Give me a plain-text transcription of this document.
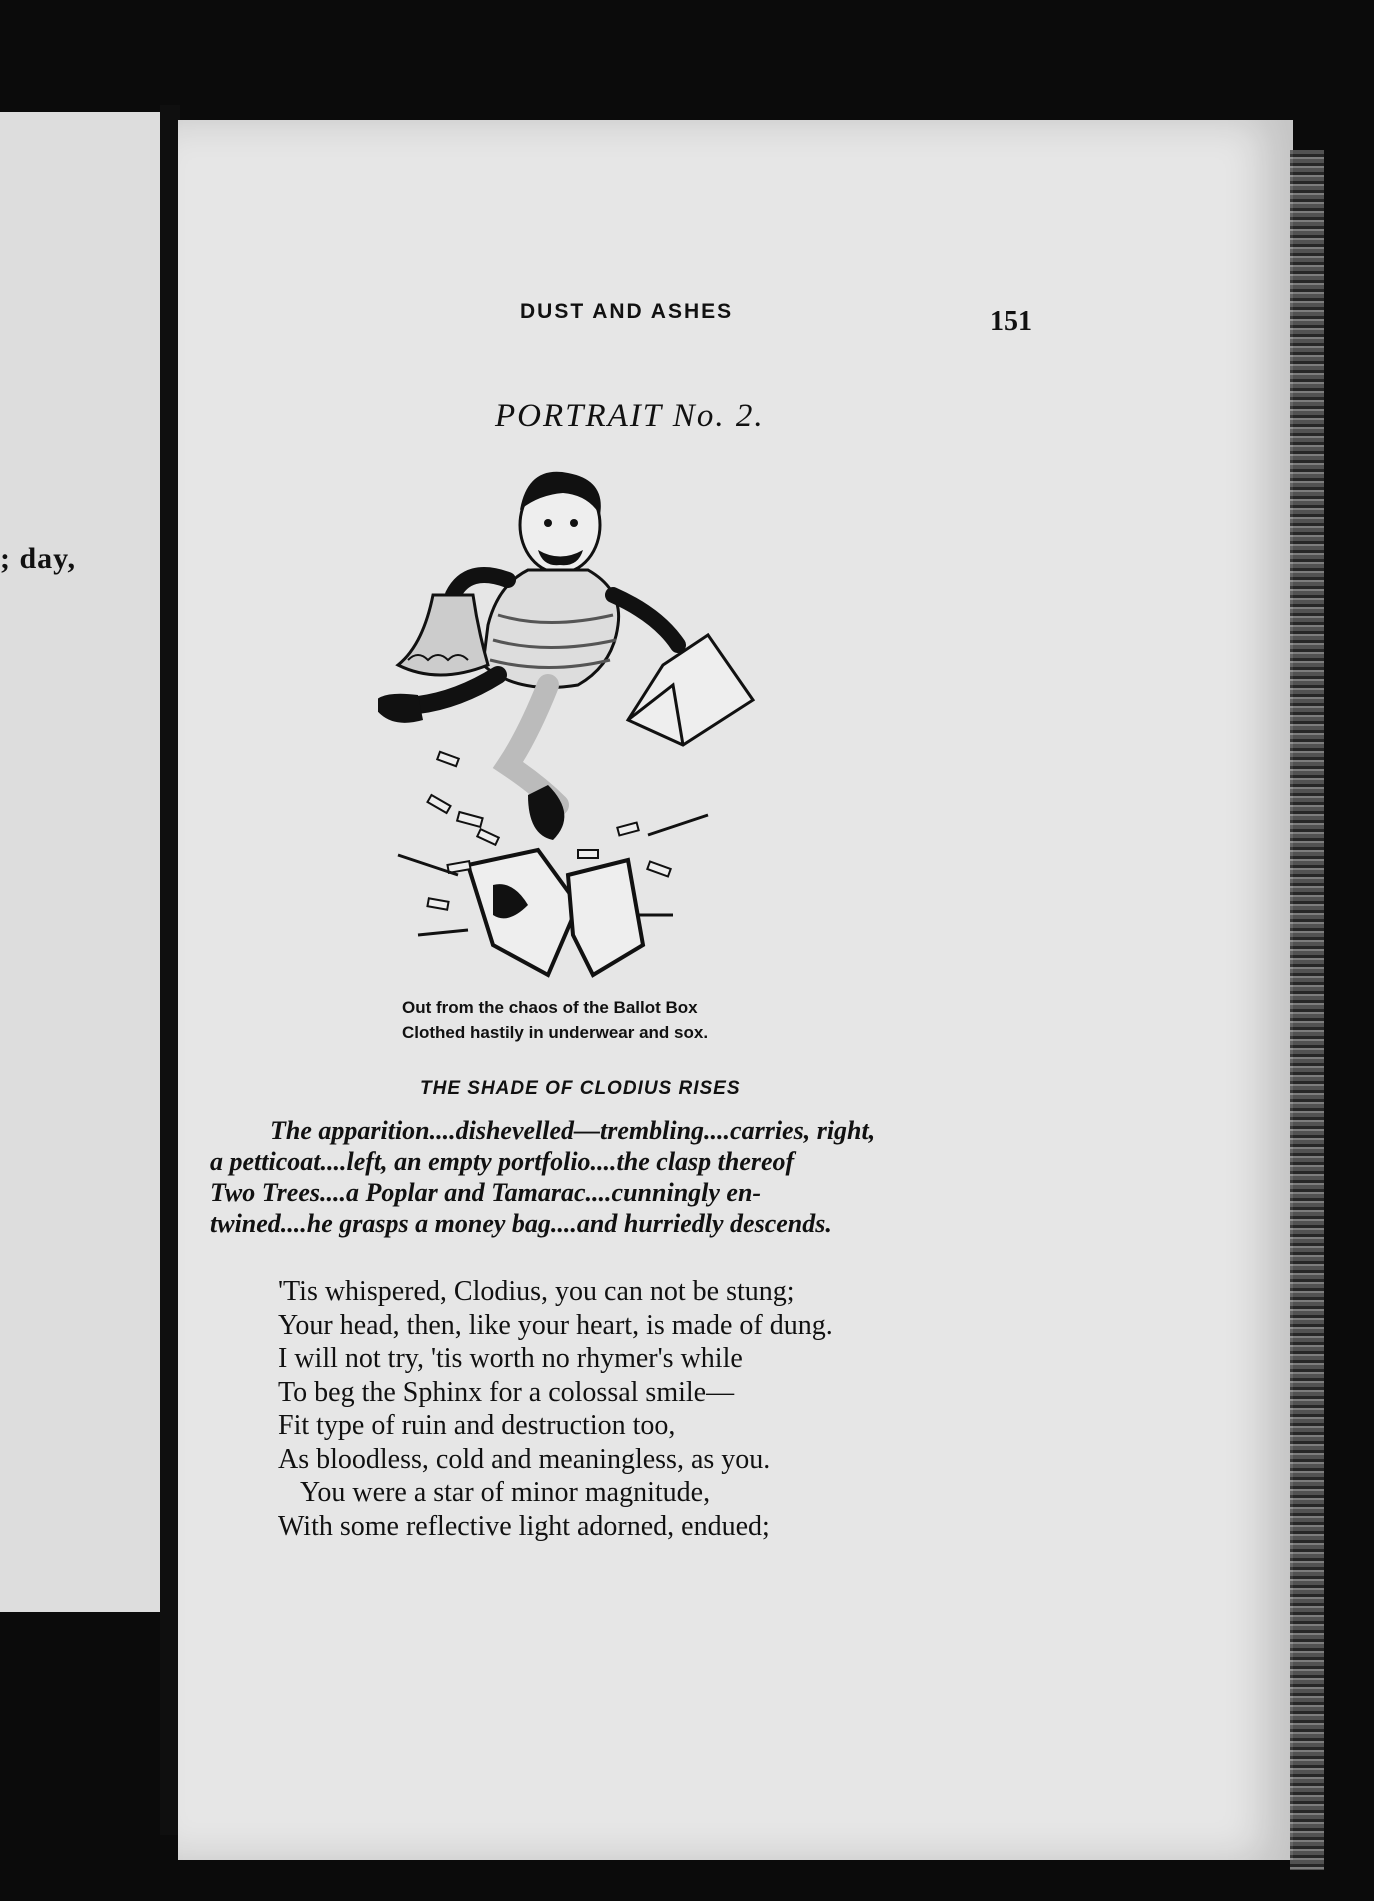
; day,
DUST AND ASHES	151
PORTRAIT No. 2.
Out from the chaos of the Ballot Box
Clothed hastily in underwear and sox.
THE SHADE OF CLODIUS RISES
The apparition....dishevelled—trembling....carries, right,
a petticoat....left, an empty portfolio....the clasp thereof
Two Trees....a Poplar and Tamarac....cunningly en-
twined....he grasps a money bag....and hurriedly descends.
'Tis whispered, Clodius, you can not be stung;
Your head, then, like your heart, is made of dung.
I will not try, 'tis worth no rhymer's while
To beg the Sphinx for a colossal smile—
Fit type of ruin and destruction too,
As bloodless, cold and meaningless, as you.
You were a star of minor magnitude,
With some reflective light adorned, endued;
